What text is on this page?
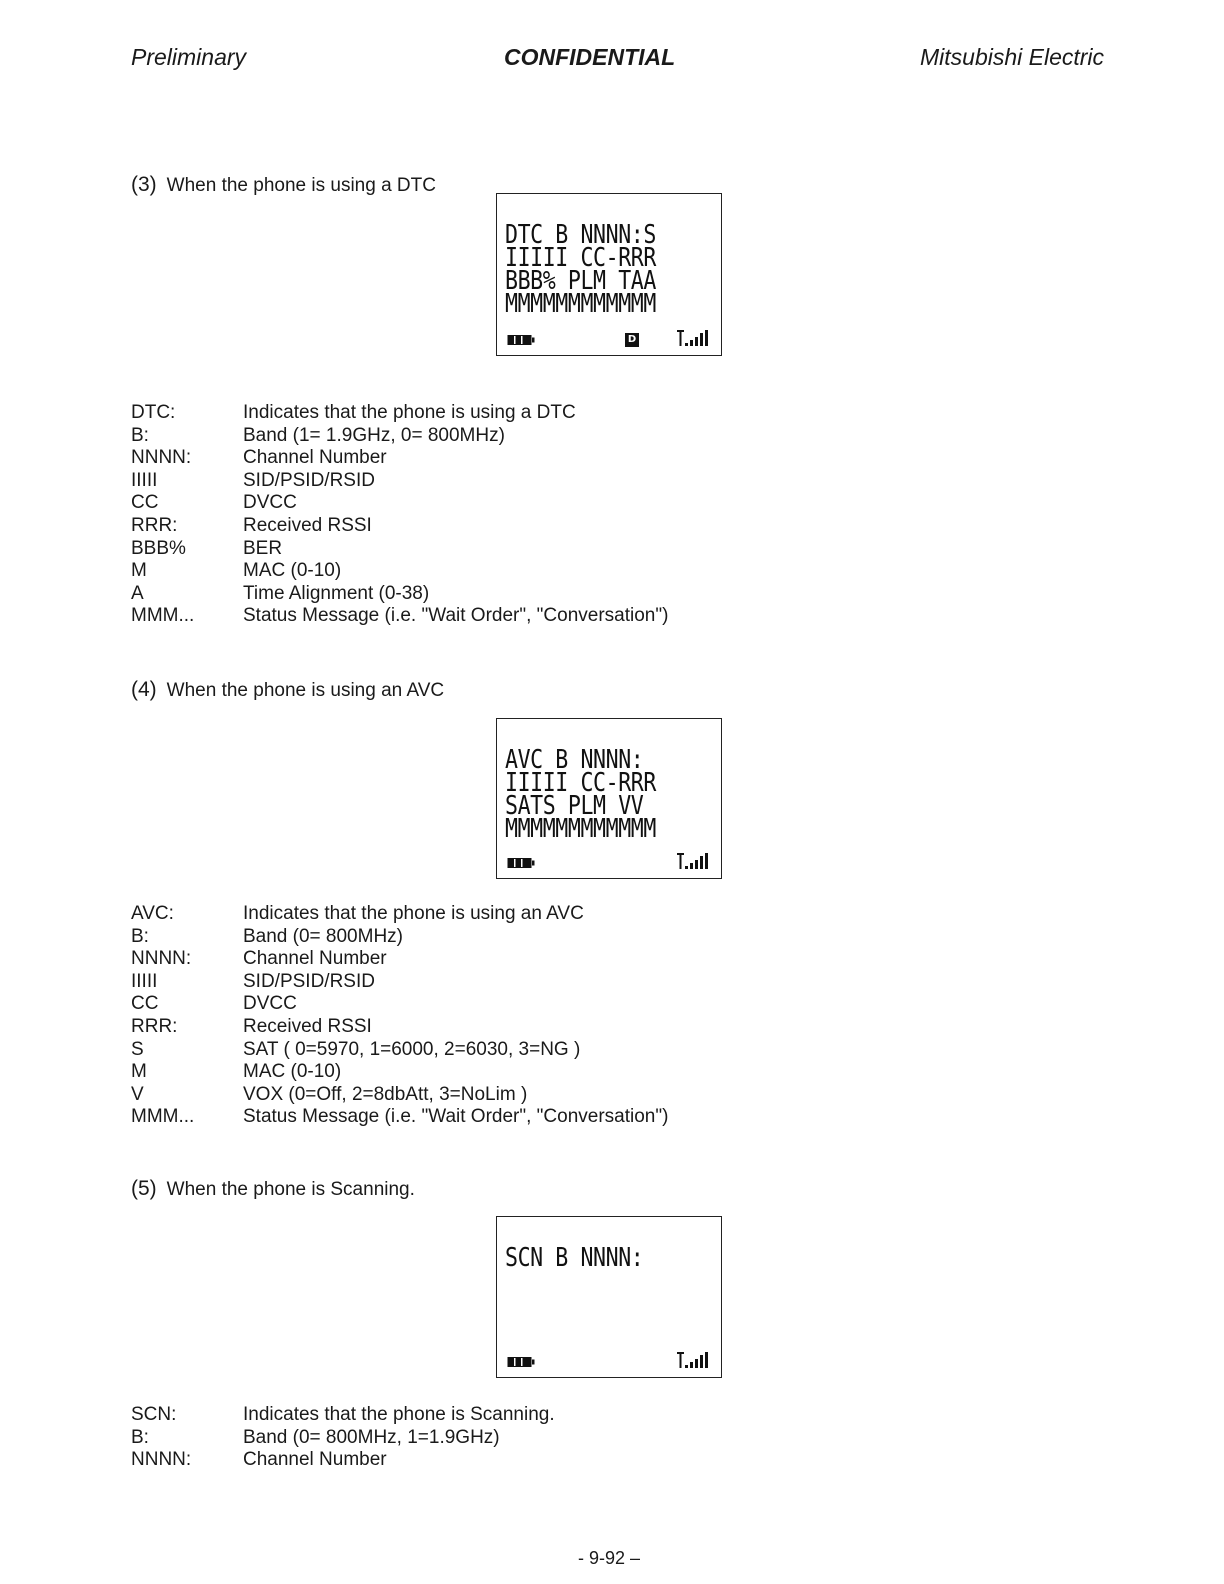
Preliminary	CONFIDENTIAL	Mitsubishi Electric
(3) When the phone is using a DTC
DTC B NNNN:S
IIIII CC-RRR
BBB% PLM TAA
MMMMMMMMMMMM
D
DTC:	Indicates that the phone is using a DTC
B:	Band (1= 1.9GHz, 0= 800MHz)
NNNN:	Channel Number
IIIII	SID/PSID/RSID
CC	DVCC
RRR:	Received RSSI
BBB%	BER
M	MAC (0-10)
A	Time Alignment (0-38)
MMM...	Status Message (i.e. "Wait Order", "Conversation")
(4) When the phone is using an AVC
AVC B NNNN:
IIIII CC-RRR
SATS PLM VV
MMMMMMMMMMMM
AVC:	Indicates that the phone is using an AVC
B:	Band (0= 800MHz)
NNNN:	Channel Number
IIIII	SID/PSID/RSID
CC	DVCC
RRR:	Received RSSI
S	SAT ( 0=5970, 1=6000, 2=6030, 3=NG )
M	MAC (0-10)
V	VOX (0=Off, 2=8dbAtt, 3=NoLim )
MMM...	Status Message (i.e. "Wait Order", "Conversation")
(5) When the phone is Scanning.
SCN B NNNN:
SCN:	Indicates that the phone is Scanning.
B:	Band (0= 800MHz, 1=1.9GHz)
NNNN:	Channel Number
- 9-92 –
